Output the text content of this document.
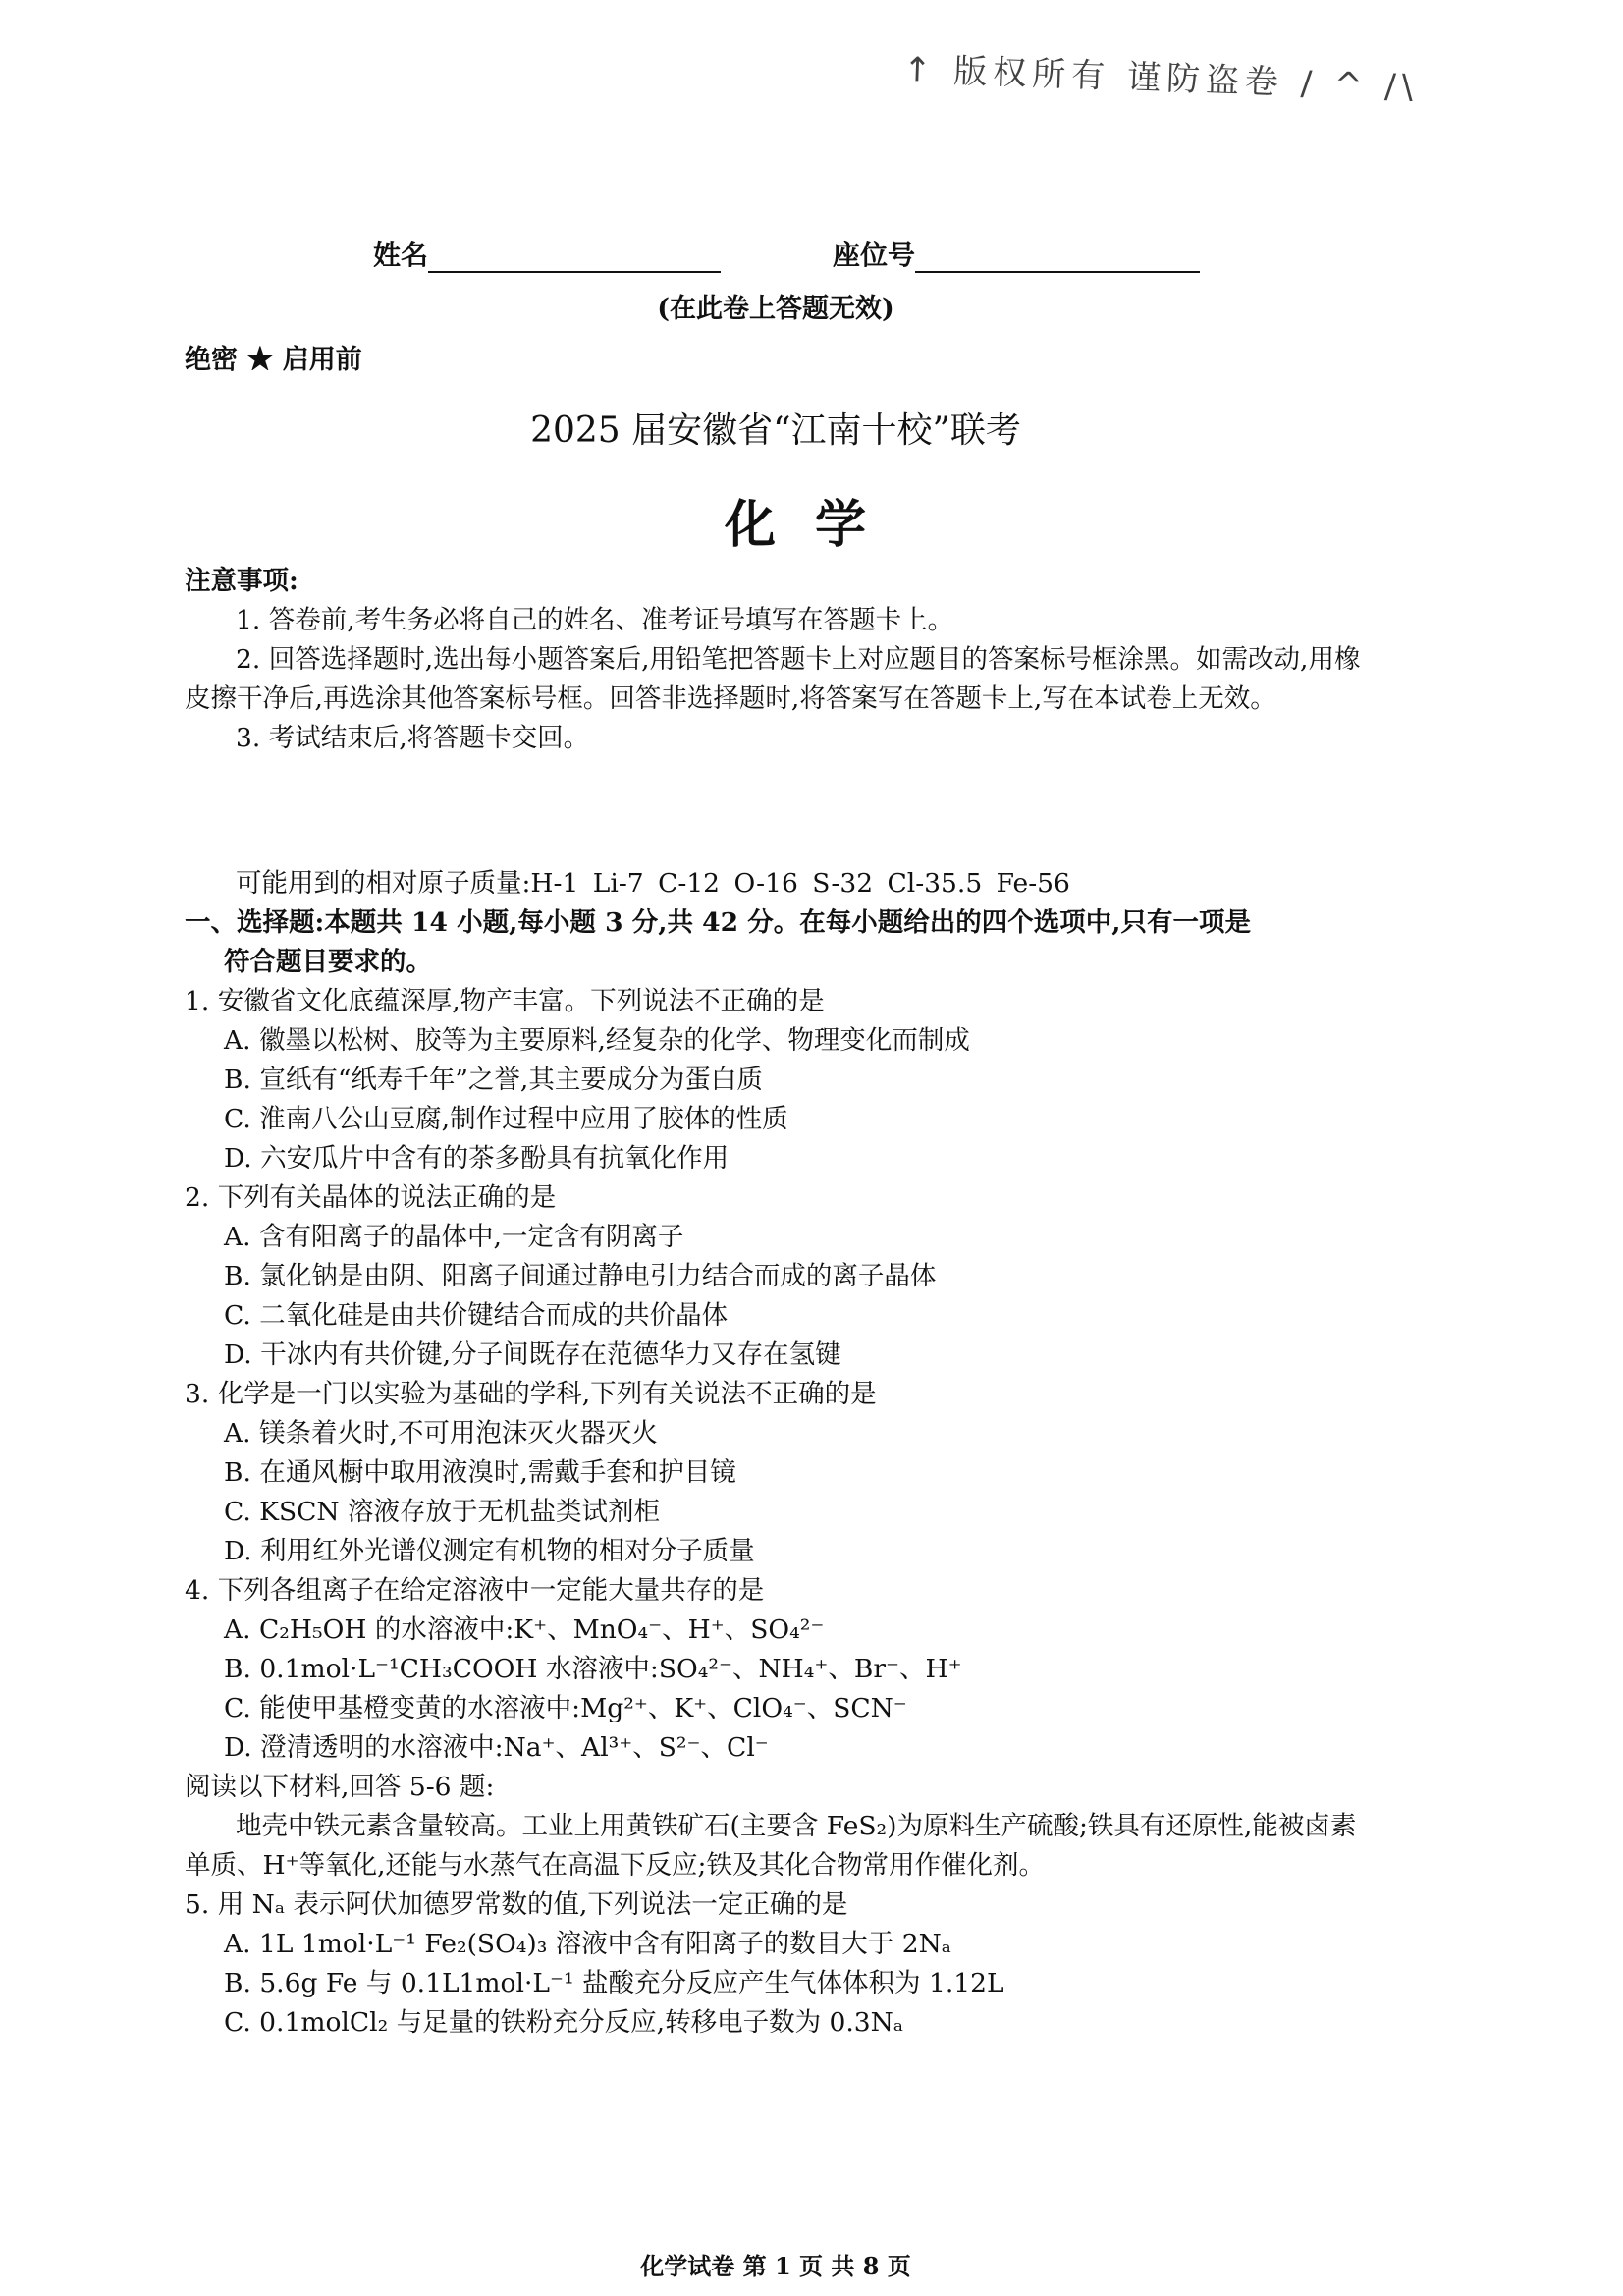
↑ 版权所有 谨防盗卷 / ^ /\
姓名	座位号
(在此卷上答题无效)
绝密 ★ 启用前
2025 届安徽省“江南十校”联考
化学

注意事项:

1. 答卷前,考生务必将自己的姓名、准考证号填写在答题卡上。

2. 回答选择题时,选出每小题答案后,用铅笔把答题卡上对应题目的答案标号框涂黑。如需改动,用橡皮擦干净后,再选涂其他答案标号框。回答非选择题时,将答案写在答题卡上,写在本试卷上无效。

3. 考试结束后,将答题卡交回。

可能用到的相对原子质量:H-1 Li-7 C-12 O-16 S-32 Cl-35.5 Fe-56

一、选择题:本题共 14 小题,每小题 3 分,共 42 分。在每小题给出的四个选项中,只有一项是

符合题目要求的。

1. 安徽省文化底蕴深厚,物产丰富。下列说法不正确的是

A. 徽墨以松树、胶等为主要原料,经复杂的化学、物理变化而制成

B. 宣纸有“纸寿千年”之誉,其主要成分为蛋白质

C. 淮南八公山豆腐,制作过程中应用了胶体的性质

D. 六安瓜片中含有的茶多酚具有抗氧化作用

2. 下列有关晶体的说法正确的是

A. 含有阳离子的晶体中,一定含有阴离子

B. 氯化钠是由阴、阳离子间通过静电引力结合而成的离子晶体

C. 二氧化硅是由共价键结合而成的共价晶体

D. 干冰内有共价键,分子间既存在范德华力又存在氢键

3. 化学是一门以实验为基础的学科,下列有关说法不正确的是

A. 镁条着火时,不可用泡沫灭火器灭火

B. 在通风橱中取用液溴时,需戴手套和护目镜

C. KSCN 溶液存放于无机盐类试剂柜

D. 利用红外光谱仪测定有机物的相对分子质量

4. 下列各组离子在给定溶液中一定能大量共存的是

A. C₂H₅OH 的水溶液中:K⁺、MnO₄⁻、H⁺、SO₄²⁻

B. 0.1mol·L⁻¹CH₃COOH 水溶液中:SO₄²⁻、NH₄⁺、Br⁻、H⁺

C. 能使甲基橙变黄的水溶液中:Mg²⁺、K⁺、ClO₄⁻、SCN⁻

D. 澄清透明的水溶液中:Na⁺、Al³⁺、S²⁻、Cl⁻

阅读以下材料,回答 5-6 题:

地壳中铁元素含量较高。工业上用黄铁矿石(主要含 FeS₂)为原料生产硫酸;铁具有还原性,能被卤素单质、H⁺等氧化,还能与水蒸气在高温下反应;铁及其化合物常用作催化剂。

5. 用 Nₐ 表示阿伏加德罗常数的值,下列说法一定正确的是

A. 1L 1mol·L⁻¹ Fe₂(SO₄)₃ 溶液中含有阳离子的数目大于 2Nₐ

B. 5.6g Fe 与 0.1L1mol·L⁻¹ 盐酸充分反应产生气体体积为 1.12L

C. 0.1molCl₂ 与足量的铁粉充分反应,转移电子数为 0.3Nₐ

化学试卷 第 1 页 共 8 页
